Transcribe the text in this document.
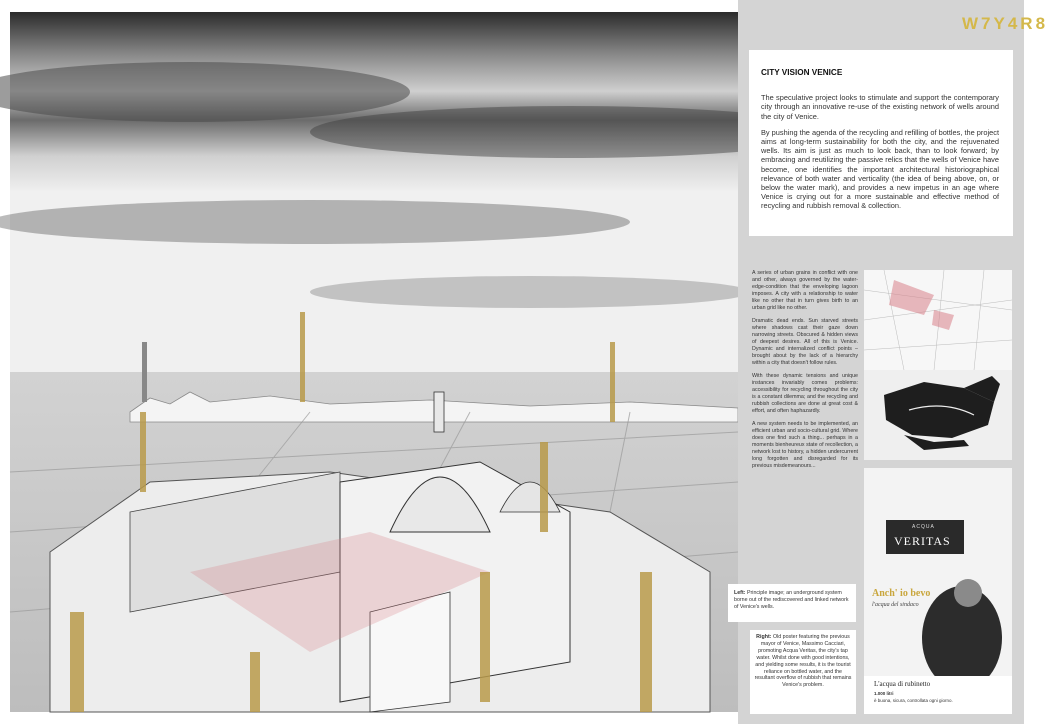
W7Y4R8
CITY VISION VENICE

The speculative project looks to stimulate and support the contemporary city through an innovative re-use of the existing network of wells around the city of Venice.

By pushing the agenda of the recycling and refilling of bottles, the project aims at long-term sustainability for both the city, and the rejuvenated wells. Its aim is just as much to look back, than to look forward; by embracing and reutilizing the passive relics that the wells of Venice have become, one identifies the important architectural historiographical relevance of both water and verticality (the idea of being above, on, or below the water mark), and provides a new impetus in an age where Venice is crying out for a more sustainable and effective method of recycling and rubbish removal & collection.

A series of urban grains in conflict with one and other, always governed by the water-edge-condition that the enveloping lagoon imposes. A city with a relationship to water like no other that in turn gives birth to an urban grid like no other.

Dramatic dead ends. Sun starved streets where shadows cast their gaze down narrowing streets. Obscured & hidden views of deepest desires. All of this is Venice. Dynamic and internalized conflict points – brought about by the lack of a hierarchy within a city that doesn't follow rules.

With these dynamic tensions and unique instances invariably comes problems: accessibility for recycling throughout the city is a constant dilemma; and the recycling and rubbish collections are done at great cost & effort, and often haphazardly.

A new system needs to be implemented, an efficient urban and socio-cultural grid. Where does one find such a thing... perhaps in a moments bienheureux state of recollection, a network lost to history, a hidden undercurrent long forgotten and disregarded for its previous misdemeanours...

ACQUA
VERITAS
Anch' io bevo
l'acqua del sindaco
L'acqua di rubinetto
1.000 litri
è buona, sicura, controllata ogni giorno.
Left: Principle image; an underground system borne out of the rediscovered and linked network of Venice's wells.
Right: Old poster featuring the previous mayor of Venice, Massimo Cacciari, promoting Acqua Veritas, the city's tap water. Whilst done with good intentions, and yielding some results, it is the tourist reliance on bottled water, and the resultant overflow of rubbish that remains Venice's problem.
